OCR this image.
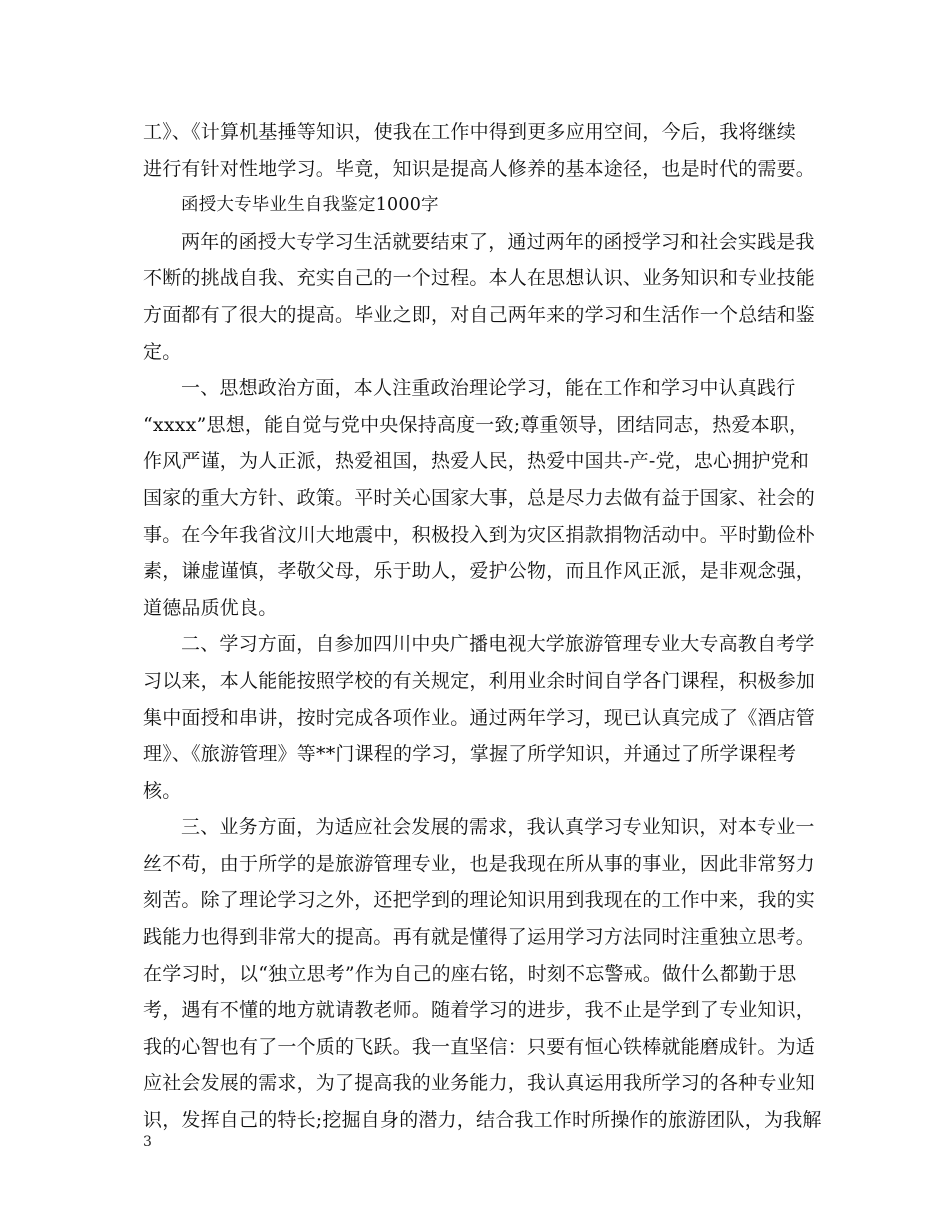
工》、《计算机基捶等知识，使我在工作中得到更多应用空间，今后，我将继续
进行有针对性地学习。毕竟，知识是提高人修养的基本途径，也是时代的需要。
函授大专毕业生自我鉴定1000字
两年的函授大专学习生活就要结束了，通过两年的函授学习和社会实践是我
不断的挑战自我、充实自己的一个过程。本人在思想认识、业务知识和专业技能
方面都有了很大的提高。毕业之即，对自己两年来的学习和生活作一个总结和鉴
定。
一、思想政治方面，本人注重政治理论学习，能在工作和学习中认真践行
“xxxx”思想，能自觉与党中央保持高度一致;尊重领导，团结同志，热爱本职，
作风严谨，为人正派，热爱祖国，热爱人民，热爱中国共-产-党，忠心拥护党和
国家的重大方针、政策。平时关心国家大事，总是尽力去做有益于国家、社会的
事。在今年我省汶川大地震中，积极投入到为灾区捐款捐物活动中。平时勤俭朴
素，谦虚谨慎，孝敬父母，乐于助人，爱护公物，而且作风正派，是非观念强，
道德品质优良。
二、学习方面，自参加四川中央广播电视大学旅游管理专业大专高教自考学
习以来，本人能能按照学校的有关规定，利用业余时间自学各门课程，积极参加
集中面授和串讲，按时完成各项作业。通过两年学习，现已认真完成了《酒店管
理》、《旅游管理》等**门课程的学习，掌握了所学知识，并通过了所学课程考
核。
三、业务方面，为适应社会发展的需求，我认真学习专业知识，对本专业一
丝不苟，由于所学的是旅游管理专业，也是我现在所从事的事业，因此非常努力
刻苦。除了理论学习之外，还把学到的理论知识用到我现在的工作中来，我的实
践能力也得到非常大的提高。再有就是懂得了运用学习方法同时注重独立思考。
在学习时，以“独立思考”作为自己的座右铭，时刻不忘警戒。做什么都勤于思
考，遇有不懂的地方就请教老师。随着学习的进步，我不止是学到了专业知识，
我的心智也有了一个质的飞跃。我一直坚信：只要有恒心铁棒就能磨成针。为适
应社会发展的需求，为了提高我的业务能力，我认真运用我所学习的各种专业知
识，发挥自己的特长;挖掘自身的潜力，结合我工作时所操作的旅游团队，为我解
3
